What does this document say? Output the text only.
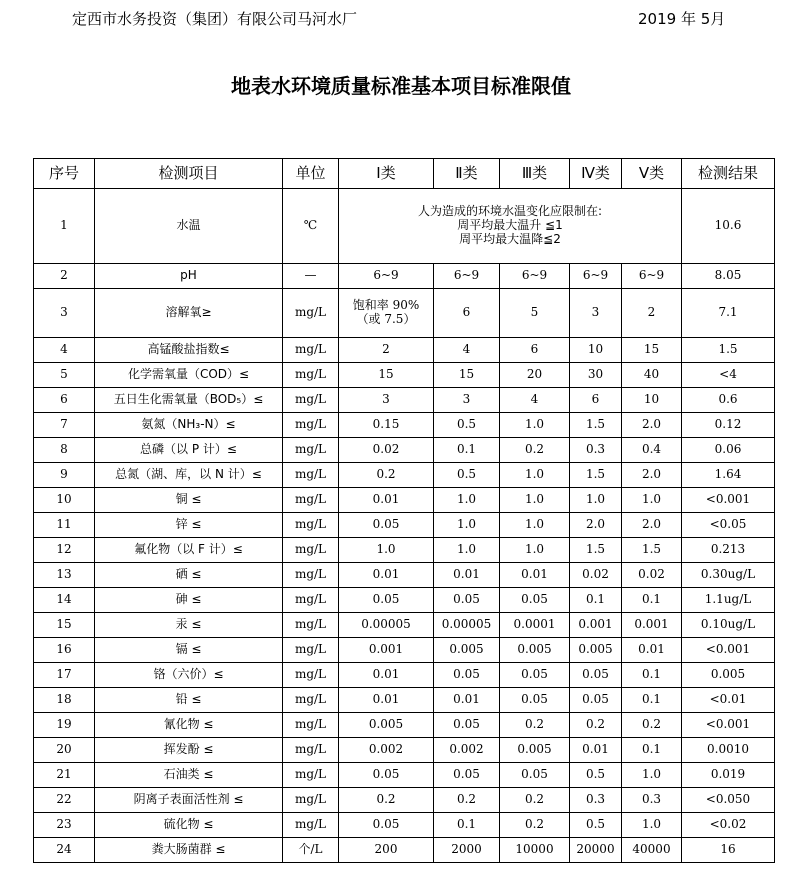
定西市水务投资（集团）有限公司马河水厂	2019 年 5月
地表水环境质量标准基本项目标准限值
序号	检测项目	单位	Ⅰ类	Ⅱ类	Ⅲ类	Ⅳ类	Ⅴ类	检测结果
1	水温	℃	人为造成的环境水温变化应限制在:
周平均最大温升 ≦1
周平均最大温降≦2					10.6
2	pH	—	6~9	6~9	6~9	6~9	6~9	8.05
3	溶解氧≥	mg/L	饱和率 90%
（或 7.5）	6	5	3	2	7.1
4	高锰酸盐指数≤	mg/L	2	4	6	10	15	1.5
5	化学需氧量（COD）≤	mg/L	15	15	20	30	40	<4
6	五日生化需氧量（BOD₅）≤	mg/L	3	3	4	6	10	0.6
7	氨氮（NH₃-N）≤	mg/L	0.15	0.5	1.0	1.5	2.0	0.12
8	总磷（以 P 计）≤	mg/L	0.02	0.1	0.2	0.3	0.4	0.06
9	总氮（湖、库，以 N 计）≤	mg/L	0.2	0.5	1.0	1.5	2.0	1.64
10	铜 ≤	mg/L	0.01	1.0	1.0	1.0	1.0	<0.001
11	锌 ≤	mg/L	0.05	1.0	1.0	2.0	2.0	<0.05
12	氟化物（以 F 计）≤	mg/L	1.0	1.0	1.0	1.5	1.5	0.213
13	硒 ≤	mg/L	0.01	0.01	0.01	0.02	0.02	0.30ug/L
14	砷 ≤	mg/L	0.05	0.05	0.05	0.1	0.1	1.1ug/L
15	汞 ≤	mg/L	0.00005	0.00005	0.0001	0.001	0.001	0.10ug/L
16	镉 ≤	mg/L	0.001	0.005	0.005	0.005	0.01	<0.001
17	铬（六价）≤	mg/L	0.01	0.05	0.05	0.05	0.1	0.005
18	铅 ≤	mg/L	0.01	0.01	0.05	0.05	0.1	<0.01
19	氰化物 ≤	mg/L	0.005	0.05	0.2	0.2	0.2	<0.001
20	挥发酚 ≤	mg/L	0.002	0.002	0.005	0.01	0.1	0.0010
21	石油类 ≤	mg/L	0.05	0.05	0.05	0.5	1.0	0.019
22	阴离子表面活性剂 ≤	mg/L	0.2	0.2	0.2	0.3	0.3	<0.050
23	硫化物 ≤	mg/L	0.05	0.1	0.2	0.5	1.0	<0.02
24	粪大肠菌群 ≤	个/L	200	2000	10000	20000	40000	16
